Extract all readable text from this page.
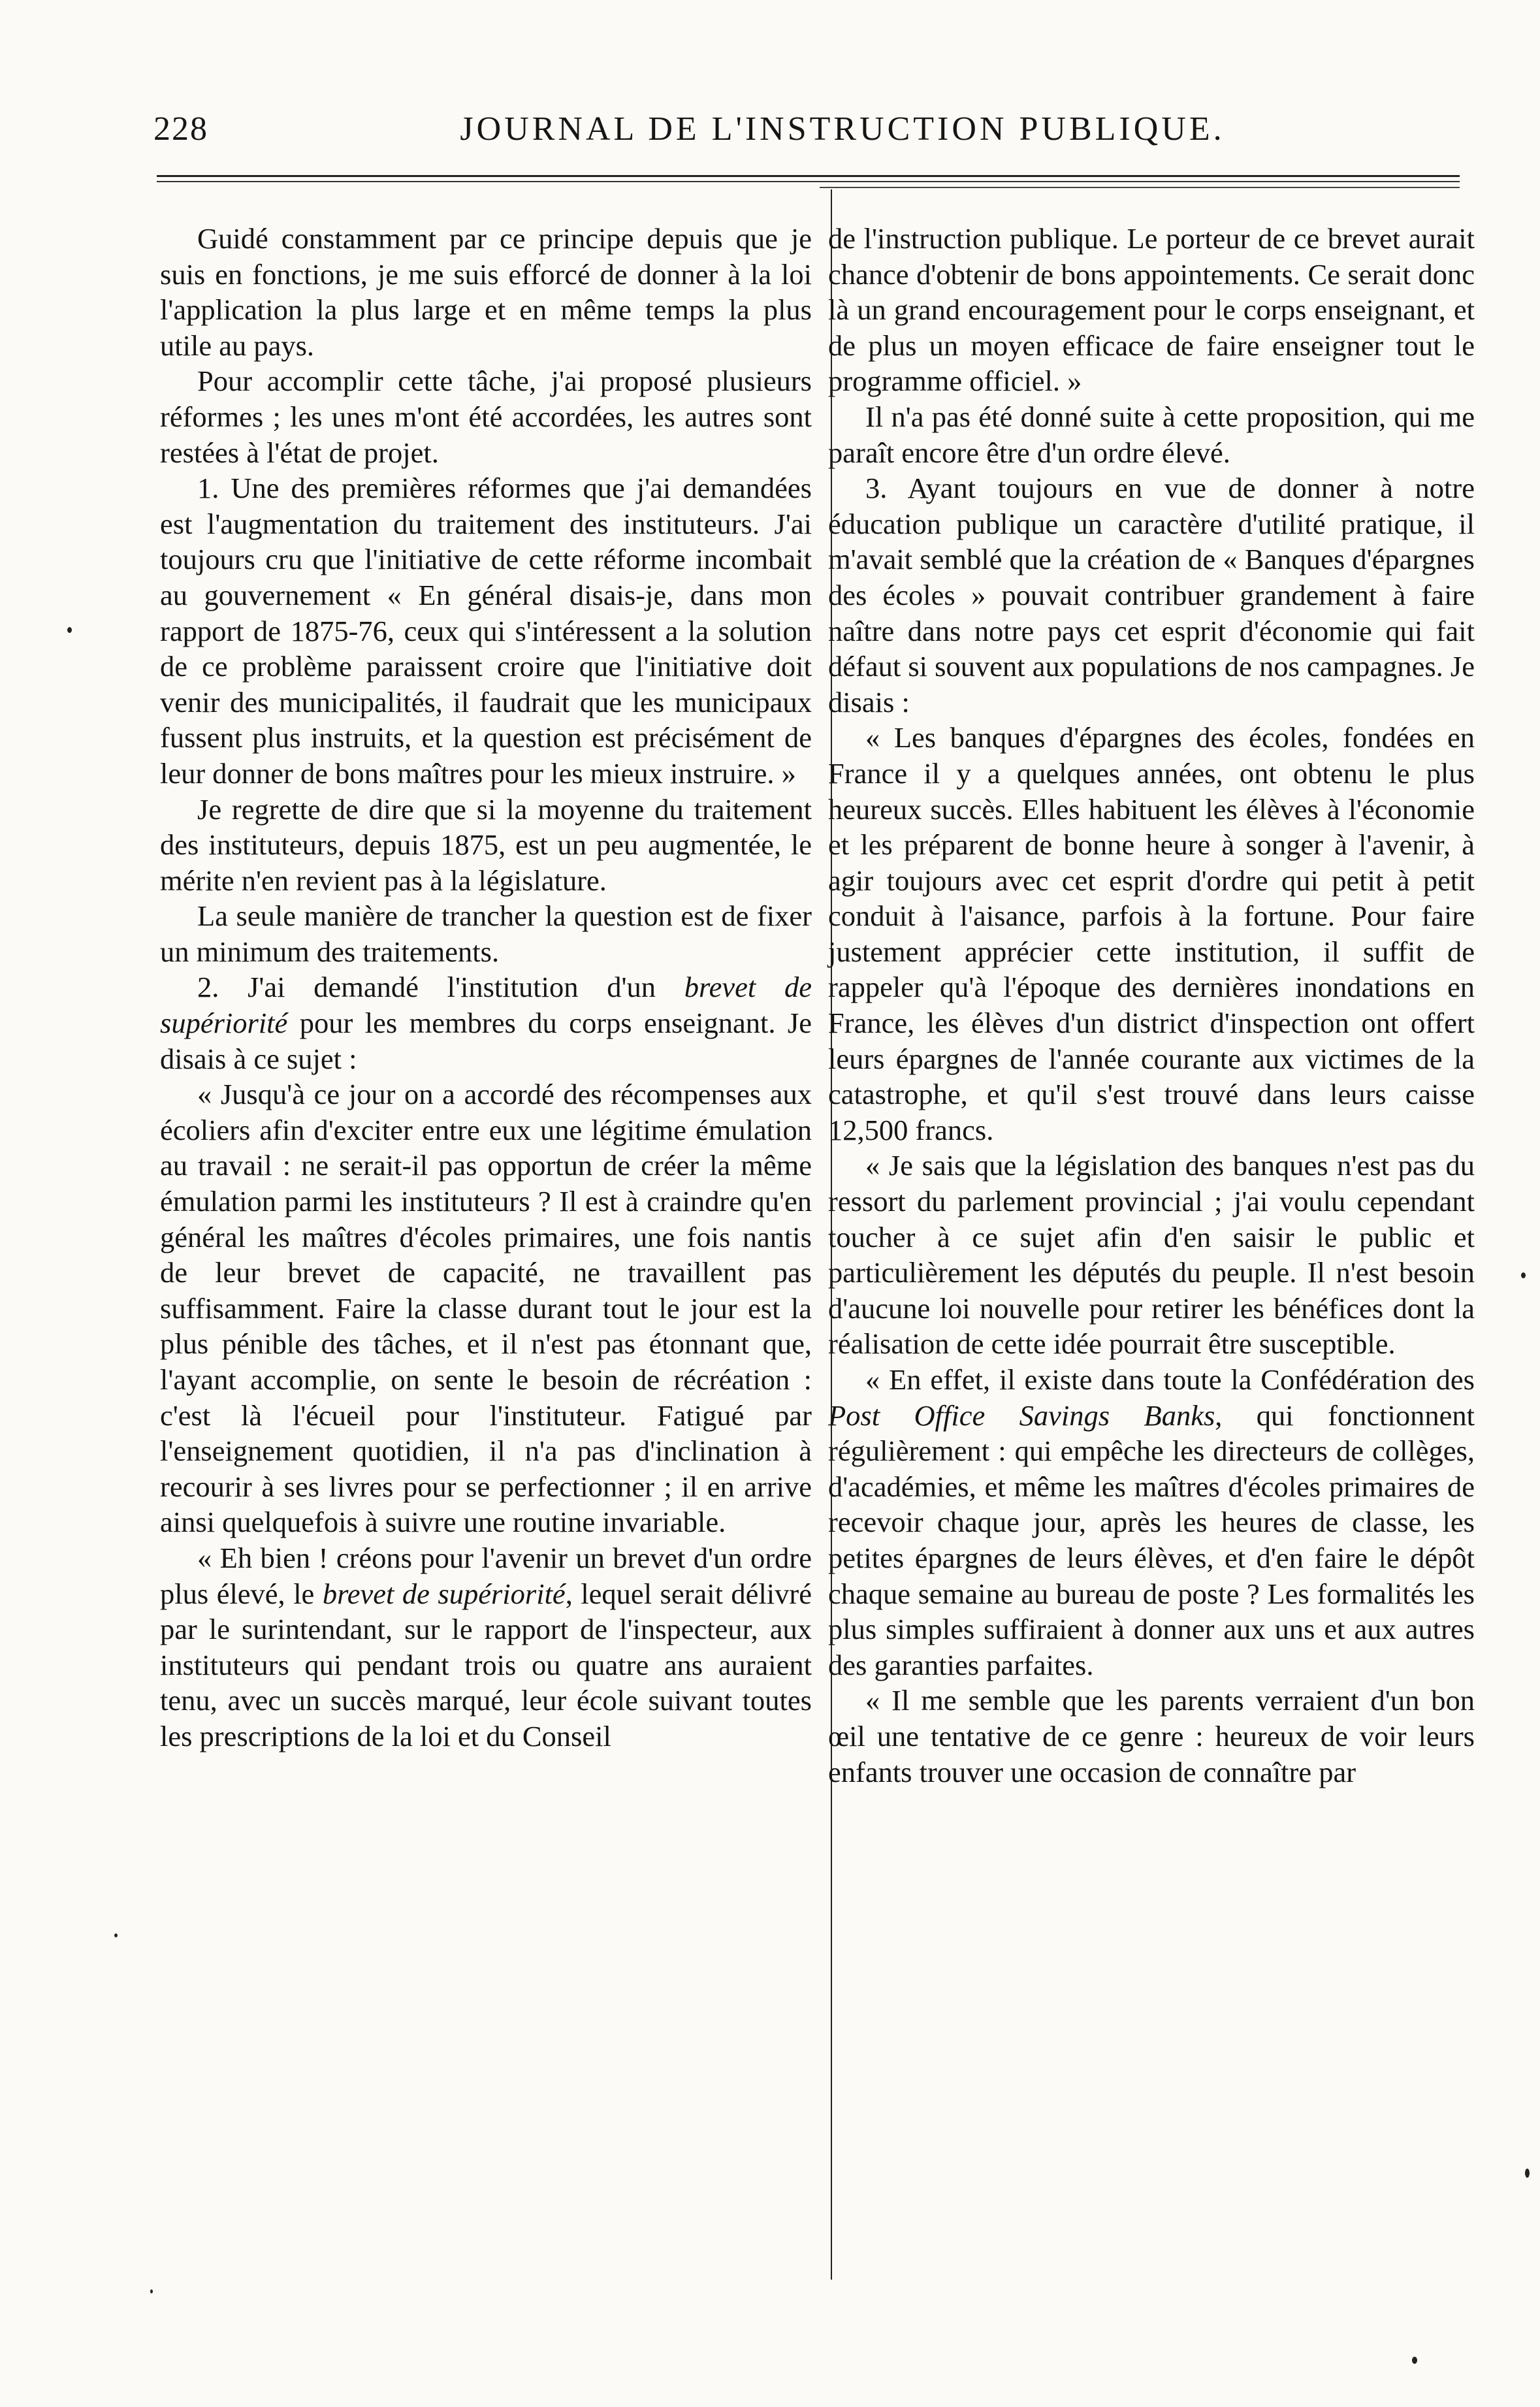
228	JOURNAL DE L'INSTRUCTION PUBLIQUE.

Guidé constamment par ce principe depuis que je suis en fonctions, je me suis efforcé de donner à la loi l'application la plus large et en même temps la plus utile au pays.

Pour accomplir cette tâche, j'ai proposé plusieurs réformes ; les unes m'ont été accordées, les autres sont restées à l'état de projet.

1. Une des premières réformes que j'ai demandées est l'augmentation du traitement des instituteurs. J'ai toujours cru que l'initiative de cette réforme incombait au gouvernement « En général disais-je, dans mon rapport de 1875-76, ceux qui s'intéressent a la solution de ce problème paraissent croire que l'initiative doit venir des municipalités, il faudrait que les municipaux fussent plus instruits, et la question est précisément de leur donner de bons maîtres pour les mieux instruire. »

Je regrette de dire que si la moyenne du traitement des instituteurs, depuis 1875, est un peu augmentée, le mérite n'en revient pas à la législature.

La seule manière de trancher la question est de fixer un minimum des traitements.

2. J'ai demandé l'institution d'un brevet de supériorité pour les membres du corps enseignant. Je disais à ce sujet :

« Jusqu'à ce jour on a accordé des récompenses aux écoliers afin d'exciter entre eux une légitime émulation au travail : ne serait-il pas opportun de créer la même émulation parmi les instituteurs ? Il est à craindre qu'en général les maîtres d'écoles primaires, une fois nantis de leur brevet de capacité, ne travaillent pas suffisamment. Faire la classe durant tout le jour est la plus pénible des tâches, et il n'est pas étonnant que, l'ayant accomplie, on sente le besoin de récréation : c'est là l'écueil pour l'instituteur. Fatigué par l'enseignement quotidien, il n'a pas d'inclination à recourir à ses livres pour se perfectionner ; il en arrive ainsi quelquefois à suivre une routine invariable.

« Eh bien ! créons pour l'avenir un brevet d'un ordre plus élevé, le brevet de supériorité, lequel serait délivré par le surintendant, sur le rapport de l'inspecteur, aux instituteurs qui pendant trois ou quatre ans auraient tenu, avec un succès marqué, leur école suivant toutes les prescriptions de la loi et du Conseil

de l'instruction publique. Le porteur de ce brevet aurait chance d'obtenir de bons appointements. Ce serait donc là un grand encouragement pour le corps enseignant, et de plus un moyen efficace de faire enseigner tout le programme officiel. »

Il n'a pas été donné suite à cette proposition, qui me paraît encore être d'un ordre élevé.

3. Ayant toujours en vue de donner à notre éducation publique un caractère d'utilité pratique, il m'avait semblé que la création de « Banques d'épargnes des écoles » pouvait contribuer grandement à faire naître dans notre pays cet esprit d'économie qui fait défaut si souvent aux populations de nos campagnes. Je disais :

« Les banques d'épargnes des écoles, fondées en France il y a quelques années, ont obtenu le plus heureux succès. Elles habituent les élèves à l'économie et les préparent de bonne heure à songer à l'avenir, à agir toujours avec cet esprit d'ordre qui petit à petit conduit à l'aisance, parfois à la fortune. Pour faire justement apprécier cette institution, il suffit de rappeler qu'à l'époque des dernières inondations en France, les élèves d'un district d'inspection ont offert leurs épargnes de l'année courante aux victimes de la catastrophe, et qu'il s'est trouvé dans leurs caisse 12,500 francs.

« Je sais que la législation des banques n'est pas du ressort du parlement provincial ; j'ai voulu cependant toucher à ce sujet afin d'en saisir le public et particulièrement les députés du peuple. Il n'est besoin d'aucune loi nouvelle pour retirer les bénéfices dont la réalisation de cette idée pourrait être susceptible.

« En effet, il existe dans toute la Confédération des Post Office Savings Banks, qui fonctionnent régulièrement : qui empêche les directeurs de collèges, d'académies, et même les maîtres d'écoles primaires de recevoir chaque jour, après les heures de classe, les petites épargnes de leurs élèves, et d'en faire le dépôt chaque semaine au bureau de poste ? Les formalités les plus simples suffiraient à donner aux uns et aux autres des garanties parfaites.

« Il me semble que les parents verraient d'un bon œil une tentative de ce genre : heureux de voir leurs enfants trouver une occasion de connaître par
